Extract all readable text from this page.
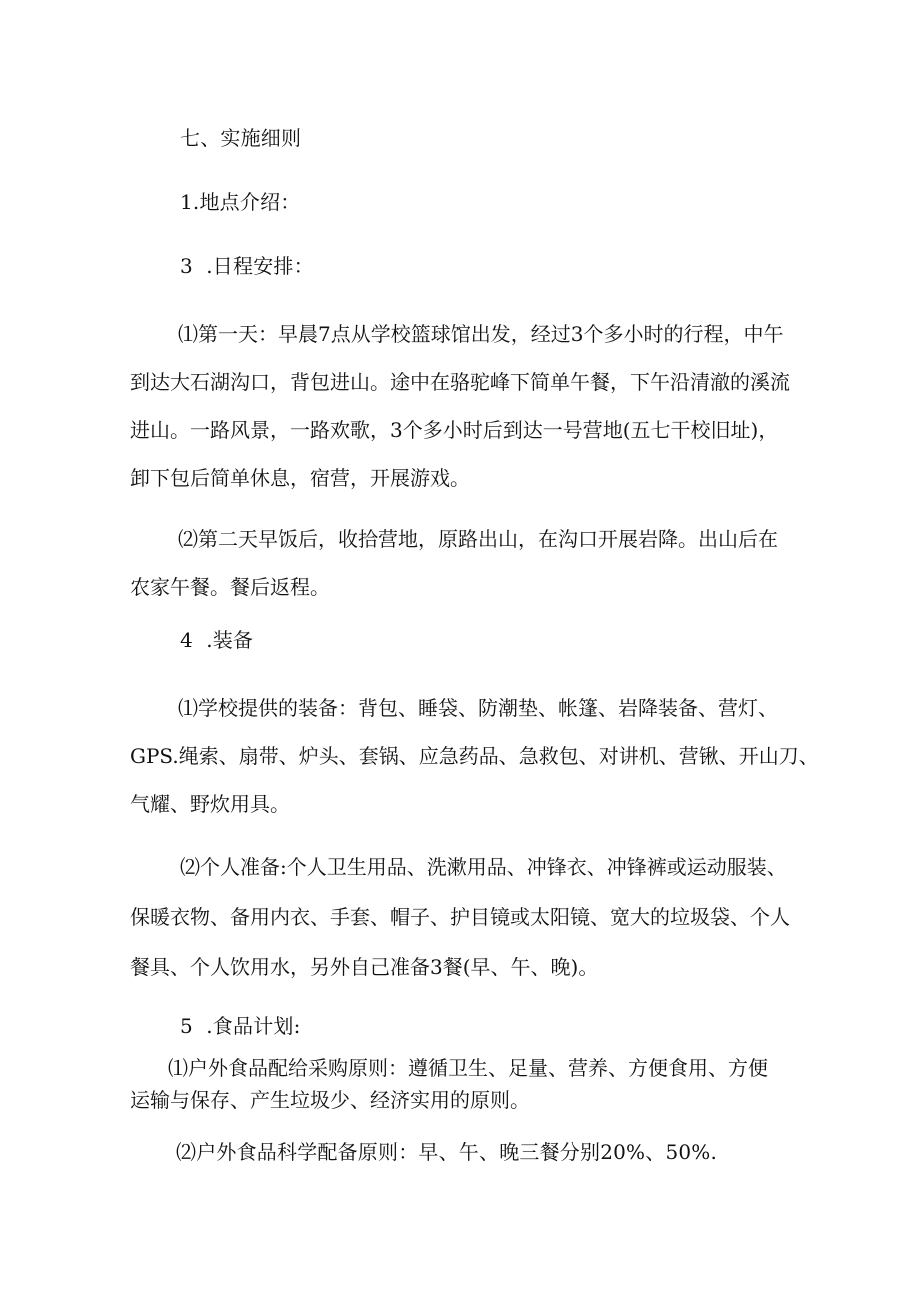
七、实施细则

1.地点介绍：

3	.日程安排：

⑴第一天：早晨7点从学校篮球馆出发，经过3个多小时的行程，中午

到达大石湖沟口，背包进山。途中在骆驼峰下简单午餐，下午沿清澈的溪流

进山。一路风景，一路欢歌，3个多小时后到达一号营地(五七干校旧址)，

卸下包后简单休息，宿营，开展游戏。

⑵第二天早饭后，收拾营地，原路出山，在沟口开展岩降。出山后在

农家午餐。餐后返程。

4	.装备

⑴学校提供的装备：背包、睡袋、防潮垫、帐篷、岩降装备、营灯、

GPS.绳索、扇带、炉头、套锅、应急药品、急救包、对讲机、营锹、开山刀、

气耀、野炊用具。

⑵个人准备:个人卫生用品、洗漱用品、冲锋衣、冲锋裤或运动服装、

保暖衣物、备用内衣、手套、帽子、护目镜或太阳镜、宽大的垃圾袋、个人

餐具、个人饮用水，另外自己准备3餐(早、午、晚)。

5	.食品计划:

⑴户外食品配给采购原则：遵循卫生、足量、营养、方便食用、方便

运输与保存、产生垃圾少、经济实用的原则。

⑵户外食品科学配备原则：早、午、晚三餐分别20%、50%.
